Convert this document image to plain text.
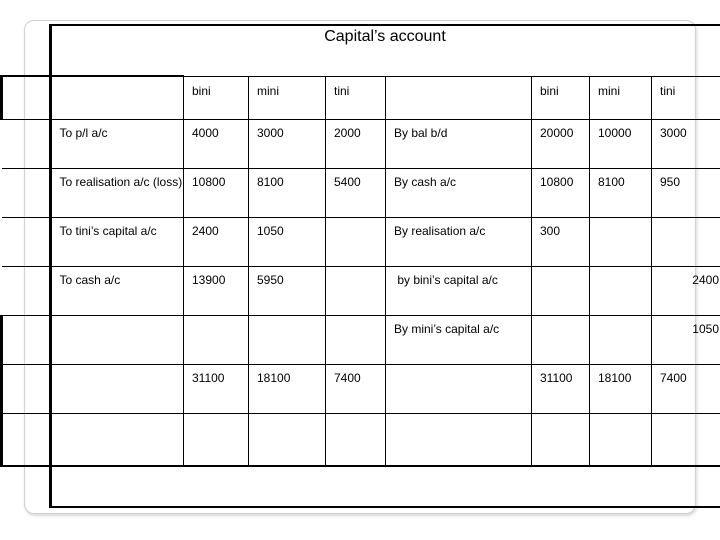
Capital’s account
		bini	mini	tini		bini	mini	tini
To p/l a/c		4000	3000	2000	By bal b/d	20000	10000	3000
To realisation a/c (loss)		10800	8100	5400	By cash a/c	10800	8100	950
To tini’s capital a/c		2400	1050		By realisation a/c	300		
To cash a/c		13900	5950		by bini’s capital a/c			2400
					By mini’s capital a/c			1050
		31100	18100	7400		31100	18100	7400
